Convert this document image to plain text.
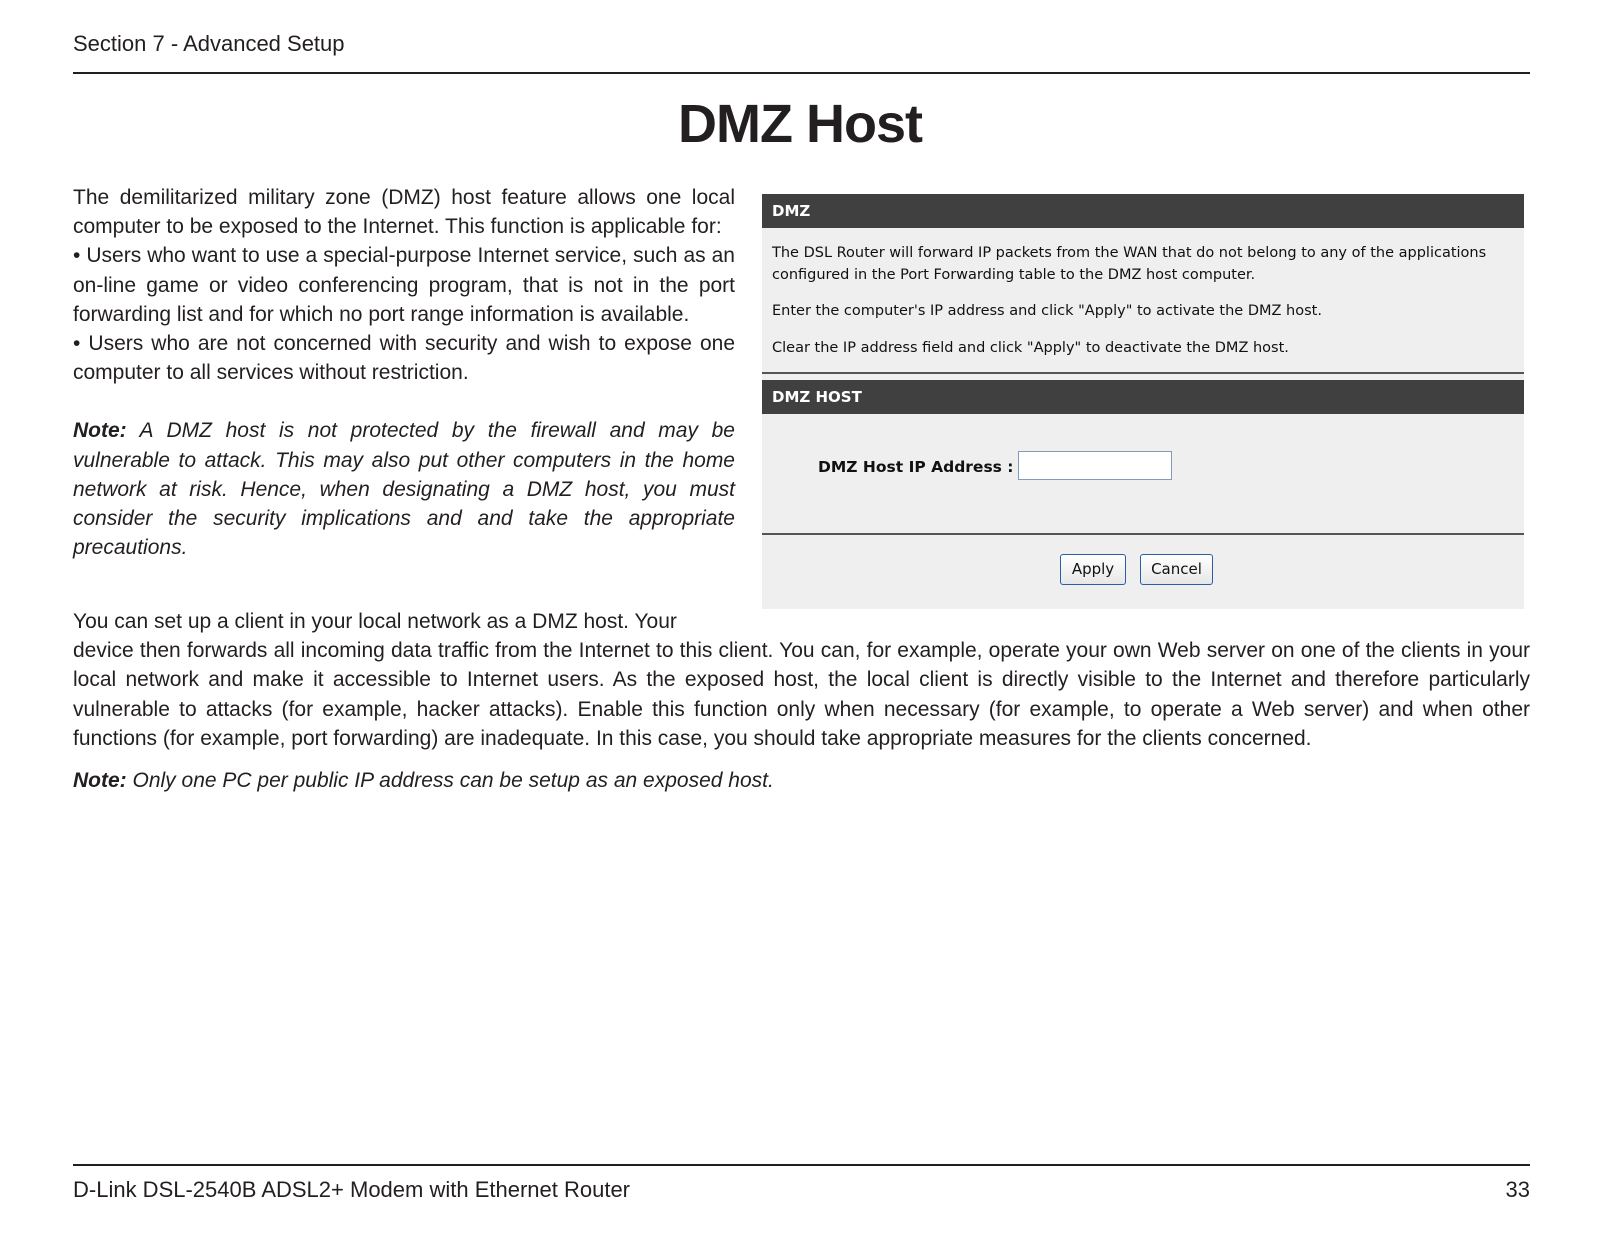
Section 7 - Advanced Setup
DMZ Host

The demilitarized military zone (DMZ) host feature allows one local computer to be exposed to the Internet. This function is applicable for:

• Users who want to use a special-purpose Internet service, such as an on-line game or video conferencing program, that is not in the port forwarding list and for which no port range information is available.

• Users who are not concerned with security and wish to expose one computer to all services without restriction.

Note: A DMZ host is not protected by the firewall and may be vulnerable to attack. This may also put other computers in the home network at risk. Hence, when designating a DMZ host, you must consider the security implications and and take the appropriate precautions.

DMZ
The DSL Router will forward IP packets from the WAN that do not belong to any of the applications configured in the Port Forwarding table to the DMZ host computer.
Enter the computer's IP address and click "Apply" to activate the DMZ host.
Clear the IP address field and click "Apply" to deactivate the DMZ host.
DMZ HOST
DMZ Host IP Address :
Apply	Cancel
You can set up a client in your local network as a DMZ host. Your
device then forwards all incoming data traffic from the Internet to this client. You can, for example, operate your own Web server on one of the clients in your local network and make it accessible to Internet users. As the exposed host, the local client is directly visible to the Internet and therefore particularly vulnerable to attacks (for example, hacker attacks). Enable this function only when necessary (for example, to operate a Web server) and when other functions (for example, port forwarding) are inadequate. In this case, you should take appropriate measures for the clients concerned.
Note: Only one PC per public IP address can be setup as an exposed host.
D-Link DSL-2540B ADSL2+ Modem with Ethernet Router	33
